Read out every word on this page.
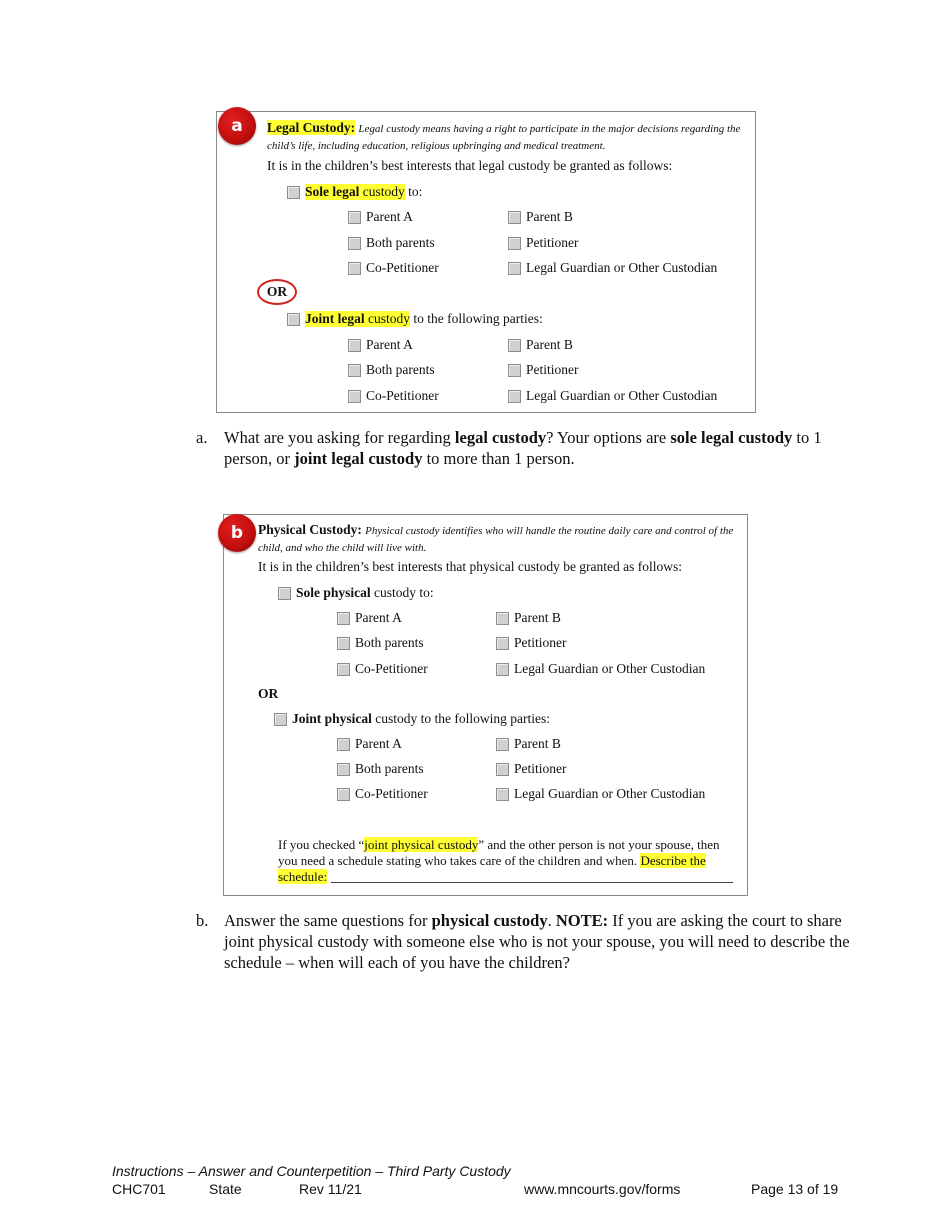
a	Legal Custody: Legal custody means having a right to participate in the major decisions regarding the child’s life, including education, religious upbringing and medical treatment.
It is in the children’s best interests that legal custody be granted as follows:
Sole legal custody
to:
Parent A	Parent B
Both parents	Petitioner
Co-Petitioner	Legal Guardian or Other Custodian
OR
Joint legal custody
to the following parties:
Parent A	Parent B
Both parents	Petitioner
Co-Petitioner	Legal Guardian or Other Custodian
a. What are you asking for regarding legal custody? Your options are sole legal custody to 1 person, or joint legal custody to more than 1 person.
b	Physical Custody: Physical custody identifies who will handle the routine daily care and control of the child, and who the child will live with.
It is in the children’s best interests that physical custody be granted as follows:
Sole physical
custody to:
Parent A	Parent B
Both parents	Petitioner
Co-Petitioner	Legal Guardian or Other Custodian
OR
Joint physical
custody to the following parties:
Parent A	Parent B
Both parents	Petitioner
Co-Petitioner	Legal Guardian or Other Custodian
If you checked “joint physical custody” and the other person is not your spouse, then you need a schedule stating who takes care of the children and when. Describe the schedule:
b. Answer the same questions for physical custody. NOTE: If you are asking the court to share joint physical custody with someone else who is not your spouse, you will need to describe the schedule – when will each of you have the children?
Instructions – Answer and Counterpetition – Third Party Custody
CHC701	State	Rev 11/21	www.mncourts.gov/forms	Page 13 of 19
